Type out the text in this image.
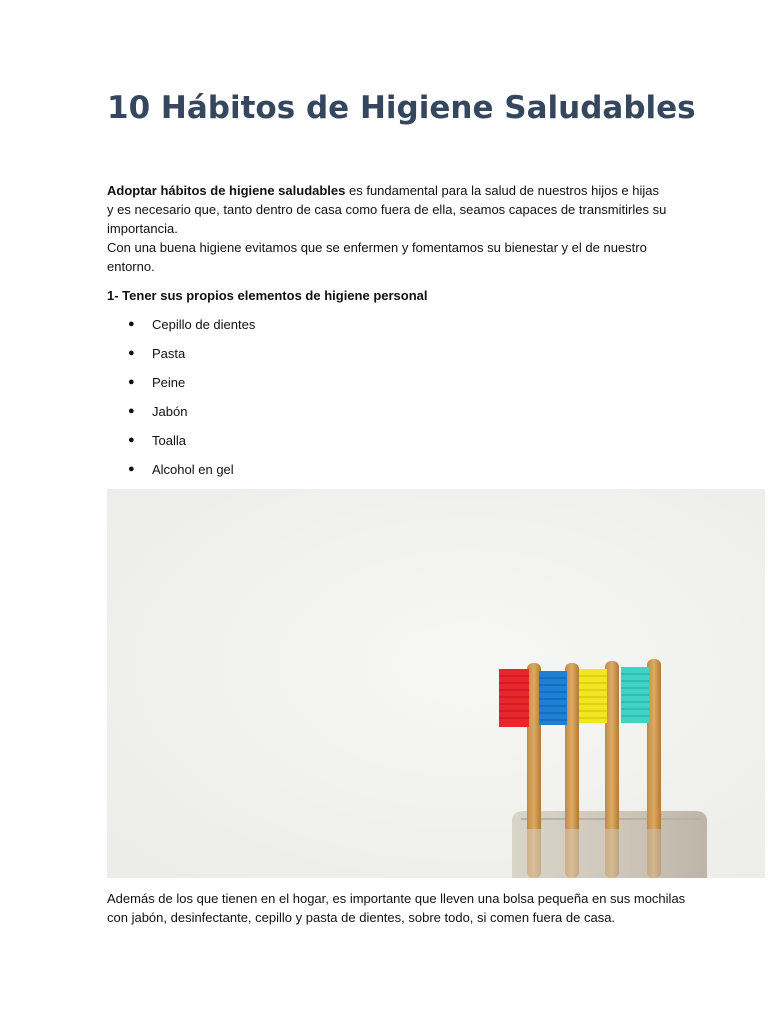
10 Hábitos de Higiene Saludables

Adoptar hábitos de higiene saludables es fundamental para la salud de nuestros hijos e hijas y es necesario que, tanto dentro de casa como fuera de ella, seamos capaces de transmitirles su importancia.

Con una buena higiene evitamos que se enfermen y fomentamos su bienestar y el de nuestro entorno.

1- Tener sus propios elementos de higiene personal

● Cepillo de dientes
● Pasta
● Peine
● Jabón
● Toalla
● Alcohol en gel

Además de los que tienen en el hogar, es importante que lleven una bolsa pequeña en sus mochilas con jabón, desinfectante, cepillo y pasta de dientes, sobre todo, si comen fuera de casa.
